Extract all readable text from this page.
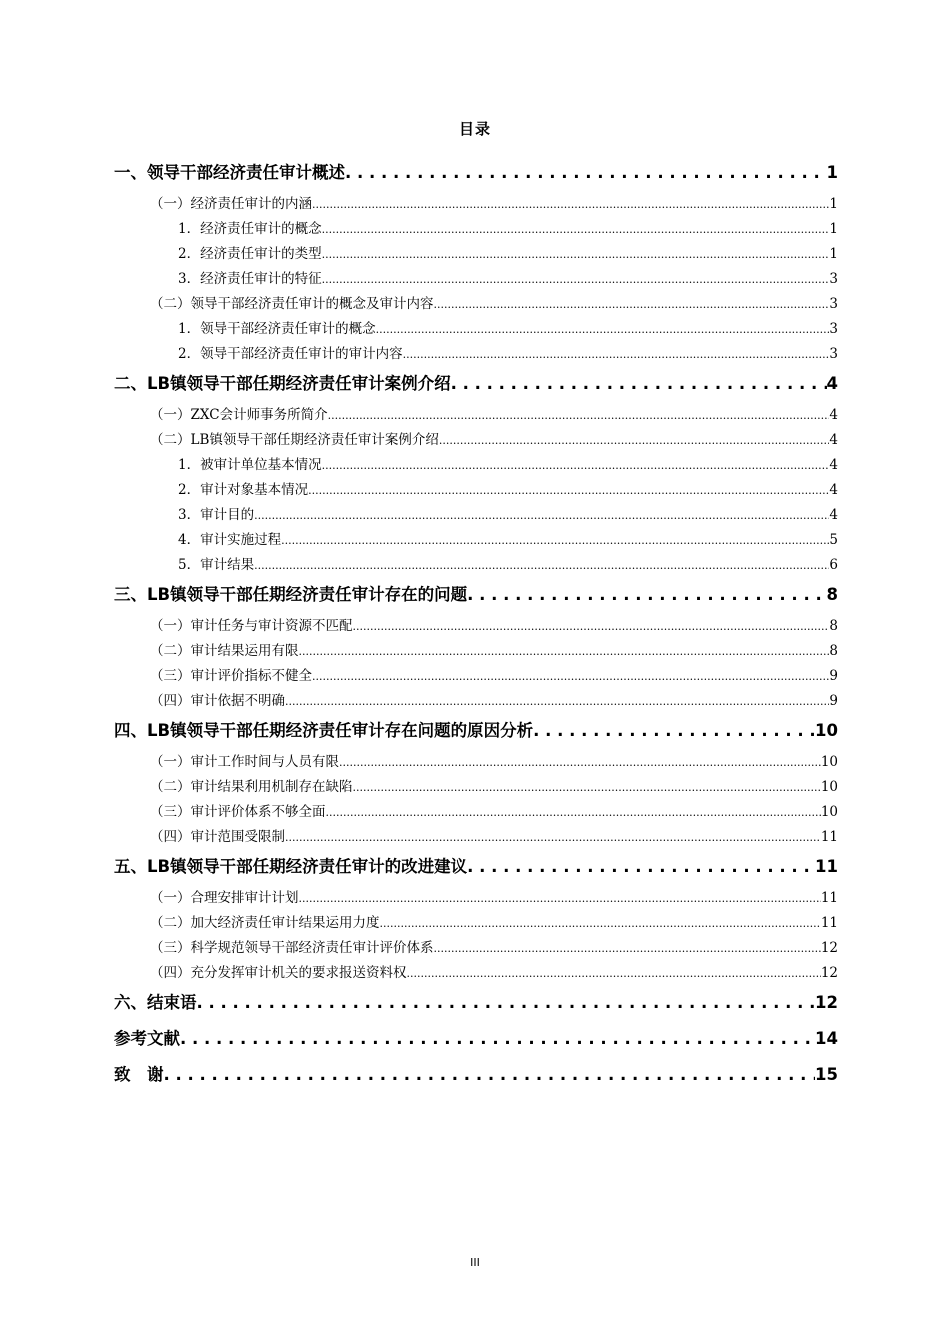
目录
一、领导干部经济责任审计概述 . . .	1
（一）经济责任审计的内涵 .....	1
1．经济责任审计的概念 .....	1
2．经济责任审计的类型 .....	1
3．经济责任审计的特征 .....	3
（二）领导干部经济责任审计的概念及审计内容 .....	3
1．领导干部经济责任审计的概念 .....	3
2．领导干部经济责任审计的审计内容 .....	3
二、LB镇领导干部任期经济责任审计案例介绍 . . .	4
（一）ZXC会计师事务所简介 .....	4
（二）LB镇领导干部任期经济责任审计案例介绍 .....	4
1．被审计单位基本情况 .....	4
2．审计对象基本情况 .....	4
3．审计目的 .....	4
4．审计实施过程 .....	5
5．审计结果 .....	6
三、LB镇领导干部任期经济责任审计存在的问题 . . .	8
（一）审计任务与审计资源不匹配 .....	8
（二）审计结果运用有限 .....	8
（三）审计评价指标不健全 .....	9
（四）审计依据不明确 .....	9
四、LB镇领导干部任期经济责任审计存在问题的原因分析 . . .	10
（一）审计工作时间与人员有限 .....	10
（二）审计结果利用机制存在缺陷 .....	10
（三）审计评价体系不够全面 .....	10
（四）审计范围受限制 .....	11
五、LB镇领导干部任期经济责任审计的改进建议 . . .	11
（一）合理安排审计计划 .....	11
（二）加大经济责任审计结果运用力度 .....	11
（三）科学规范领导干部经济责任审计评价体系 .....	12
（四）充分发挥审计机关的要求报送资料权 .....	12
六、结束语 . . .	12
参考文献 . . .	14
致　谢 . . .	15
III
